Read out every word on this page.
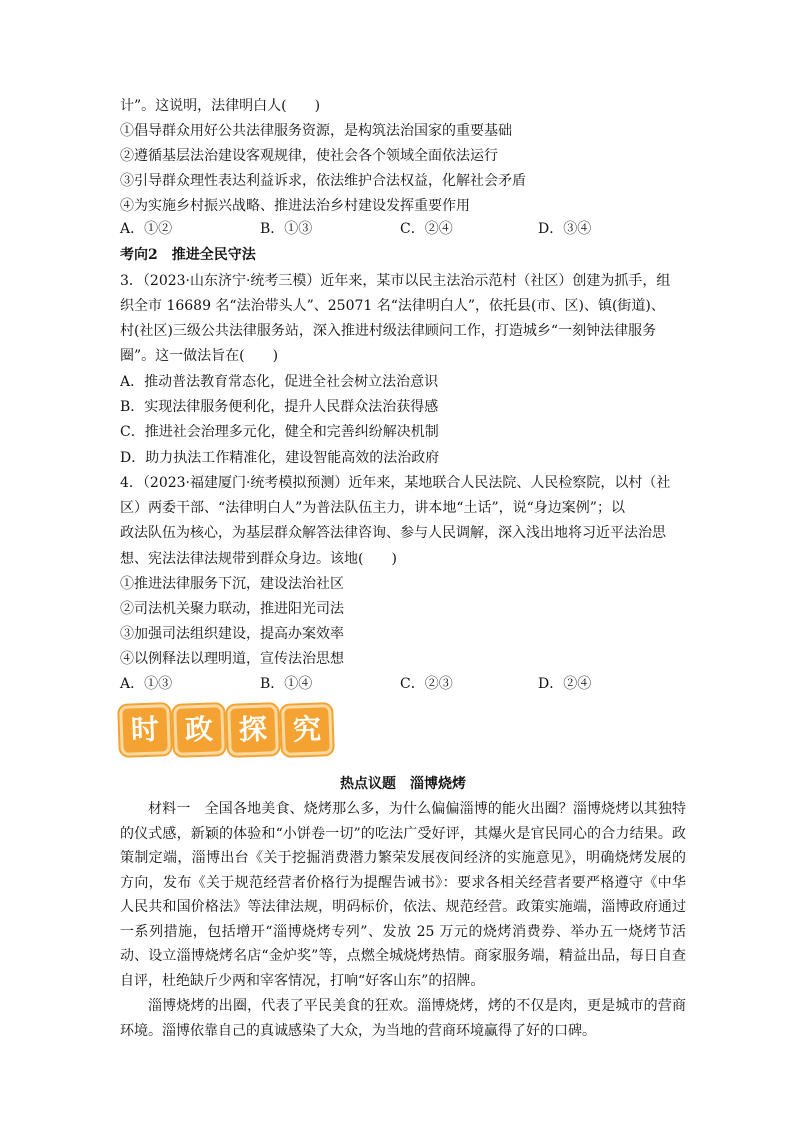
计”。这说明，法律明白人(　　)
①倡导群众用好公共法律服务资源，是构筑法治国家的重要基础
②遵循基层法治建设客观规律，使社会各个领域全面依法运行
③引导群众理性表达利益诉求，依法维护合法权益，化解社会矛盾
④为实施乡村振兴战略、推进法治乡村建设发挥重要作用
A．①②	B．①③	C．②④	D．③④
考向2　推进全民守法
3．（2023·山东济宁·统考三模）近年来，某市以民主法治示范村（社区）创建为抓手，组
织全市 16689 名“法治带头人”、25071 名“法律明白人”，依托县(市、区)、镇(街道)、
村(社区)三级公共法律服务站，深入推进村级法律顾问工作，打造城乡“一刻钟法律服务
圈”。这一做法旨在(　　)
A．推动普法教育常态化，促进全社会树立法治意识
B．实现法律服务便利化，提升人民群众法治获得感
C．推进社会治理多元化，健全和完善纠纷解决机制
D．助力执法工作精准化，建设智能高效的法治政府
4．（2023·福建厦门·统考模拟预测）近年来，某地联合人民法院、人民检察院，以村（社
区）两委干部、“法律明白人”为普法队伍主力，讲本地“土话”，说“身边案例”；以
政法队伍为核心，为基层群众解答法律咨询、参与人民调解，深入浅出地将习近平法治思
想、宪法法律法规带到群众身边。该地(　　)
①推进法律服务下沉，建设法治社区
②司法机关聚力联动，推进阳光司法
③加强司法组织建设，提高办案效率
④以例释法以理明道，宣传法治思想
A．①③	B．①④	C．②③	D．②④
时 政 探 究
热点议题　淄博烧烤

材料一　全国各地美食、烧烤那么多，为什么偏偏淄博的能火出圈？淄博烧烤以其独特的仪式感，新颖的体验和“小饼卷一切”的吃法广受好评，其爆火是官民同心的合力结果。政策制定端，淄博出台《关于挖掘消费潜力繁荣发展夜间经济的实施意见》，明确烧烤发展的方向，发布《关于规范经营者价格行为提醒告诫书》：要求各相关经营者要严格遵守《中华人民共和国价格法》等法律法规，明码标价，依法、规范经营。政策实施端，淄博政府通过一系列措施，包括增开“淄博烧烤专列”、发放 25 万元的烧烤消费券、举办五一烧烤节活动、设立淄博烧烤名店“金炉奖”等，点燃全城烧烤热情。商家服务端，精益出品，每日自查自评，杜绝缺斤少两和宰客情况，打响“好客山东”的招牌。

淄博烧烤的出圈，代表了平民美食的狂欢。淄博烧烤，烤的不仅是肉，更是城市的营商环境。淄博依靠自己的真诚感染了大众，为当地的营商环境赢得了好的口碑。
